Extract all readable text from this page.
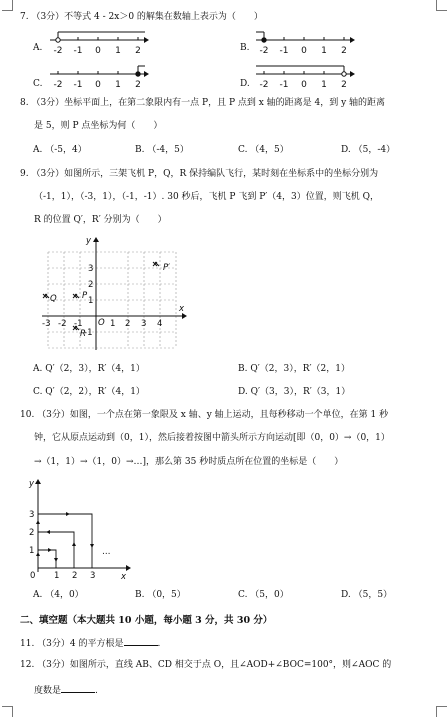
7. （3分）不等式 4 - 2x＞0 的解集在数轴上表示为（　　）
A. -2 -1 0 1 2	B. -2 -1 0 1 2
C. -2 -1 0 1 2	D. -2 -1 0 1 2
8. （3分）坐标平面上，在第二象限内有一点 P，且 P 点到 x 轴的距离是 4，到 y 轴的距离
是 5，则 P 点坐标为何（　　）
A. （-5，4）	B. （-4，5）	C. （4，5）	D. （5，-4）
9. （3分）如图所示，三架飞机 P，Q，R 保持编队飞行，某时刻在坐标系中的坐标分别为
（-1，1），（-3，1），（-1，-1）. 30 秒后，飞机 P 飞到 P′（4，3）位置，则飞机 Q，
R 的位置 Q′，R′ 分别为（　　）
x
y
O
-3 -2 -1	1 2 3 4
3
2
1
-1
P
Q
R
P′
A. Q′（2，3），R′（4，1）	B. Q′（2，3），R′（2，1）
C. Q′（2，2），R′（4，1）	D. Q′（3，3），R′（3，1）
10. （3分）如图，一个点在第一象限及 x 轴、y 轴上运动，且每秒移动一个单位，在第 1 秒
钟，它从原点运动到（0，1），然后接着按图中箭头所示方向运动[即（0，0）→（0，1）
→（1，1）→（1，0）→…]，那么第 35 秒时质点所在位置的坐标是（　　）
0 1 2 3
1
2
3
x
y
…
A. （4，0）	B. （0，5）	C. （5，0）	D. （5，5）
二、填空题（本大题共 10 小题，每小题 3 分，共 30 分）
11. （3分）4 的平方根是	.
12. （3分）如图所示，直线 AB、CD 相交于点 O，且∠AOD+∠BOC=100°，则∠AOC 的
度数是	.
